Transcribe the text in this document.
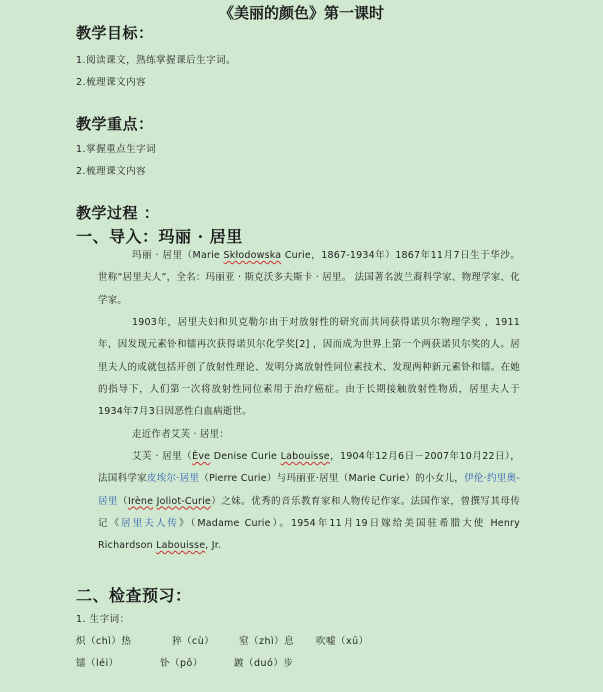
《美丽的颜色》第一课时
教学目标：
1.阅读课文，熟练掌握课后生字词。
2.梳理课文内容
教学重点：
1.掌握重点生字词
2.梳理课文内容
教学过程 ：
一、导入：玛丽 · 居里
玛丽 · 居里（Marie Skłodowska Curie，1867-1934年）1867年11月7日生于华沙。世称“居里夫人”，全名：玛丽亚 · 斯克沃多夫斯卡 · 居里。 法国著名波兰裔科学家、物理学家、化学家。
1903年，居里夫妇和贝克勒尔由于对放射性的研究而共同获得诺贝尔物理学奖 ，1911年，因发现元素钋和镭再次获得诺贝尔化学奖[2] ，因而成为世界上第一个两获诺贝尔奖的人。居里夫人的成就包括开创了放射性理论、发明分离放射性同位素技术、发现两种新元素钋和镭。在她的指导下，人们第一次将放射性同位素用于治疗癌症。由于长期接触放射性物质，居里夫人于1934年7月3日因恶性白血病逝世。
走近作者艾芙 · 居里：
艾芙 · 居里（Ève Denise Curie Labouisse，1904年12月6日－2007年10月22日），法国科学家皮埃尔·居里（Pierre Curie）与玛丽亚·居里（Marie Curie）的小女儿，伊伦·约里奥-居里（Irène Joliot-Curie）之妹。优秀的音乐教育家和人物传记作家。法国作家，曾撰写其母传记《居里夫人传》（Madame Curie）。1954年11月19日嫁给美国驻希腊大使 Henry Richardson Labouisse, Jr.
二、检查预习：
1. 生字词：
炽（chì）热	猝（cù）	窒（zhì）息 吹嘘（xū）
镭（léi）	钋（pō）	踱（duó）步
